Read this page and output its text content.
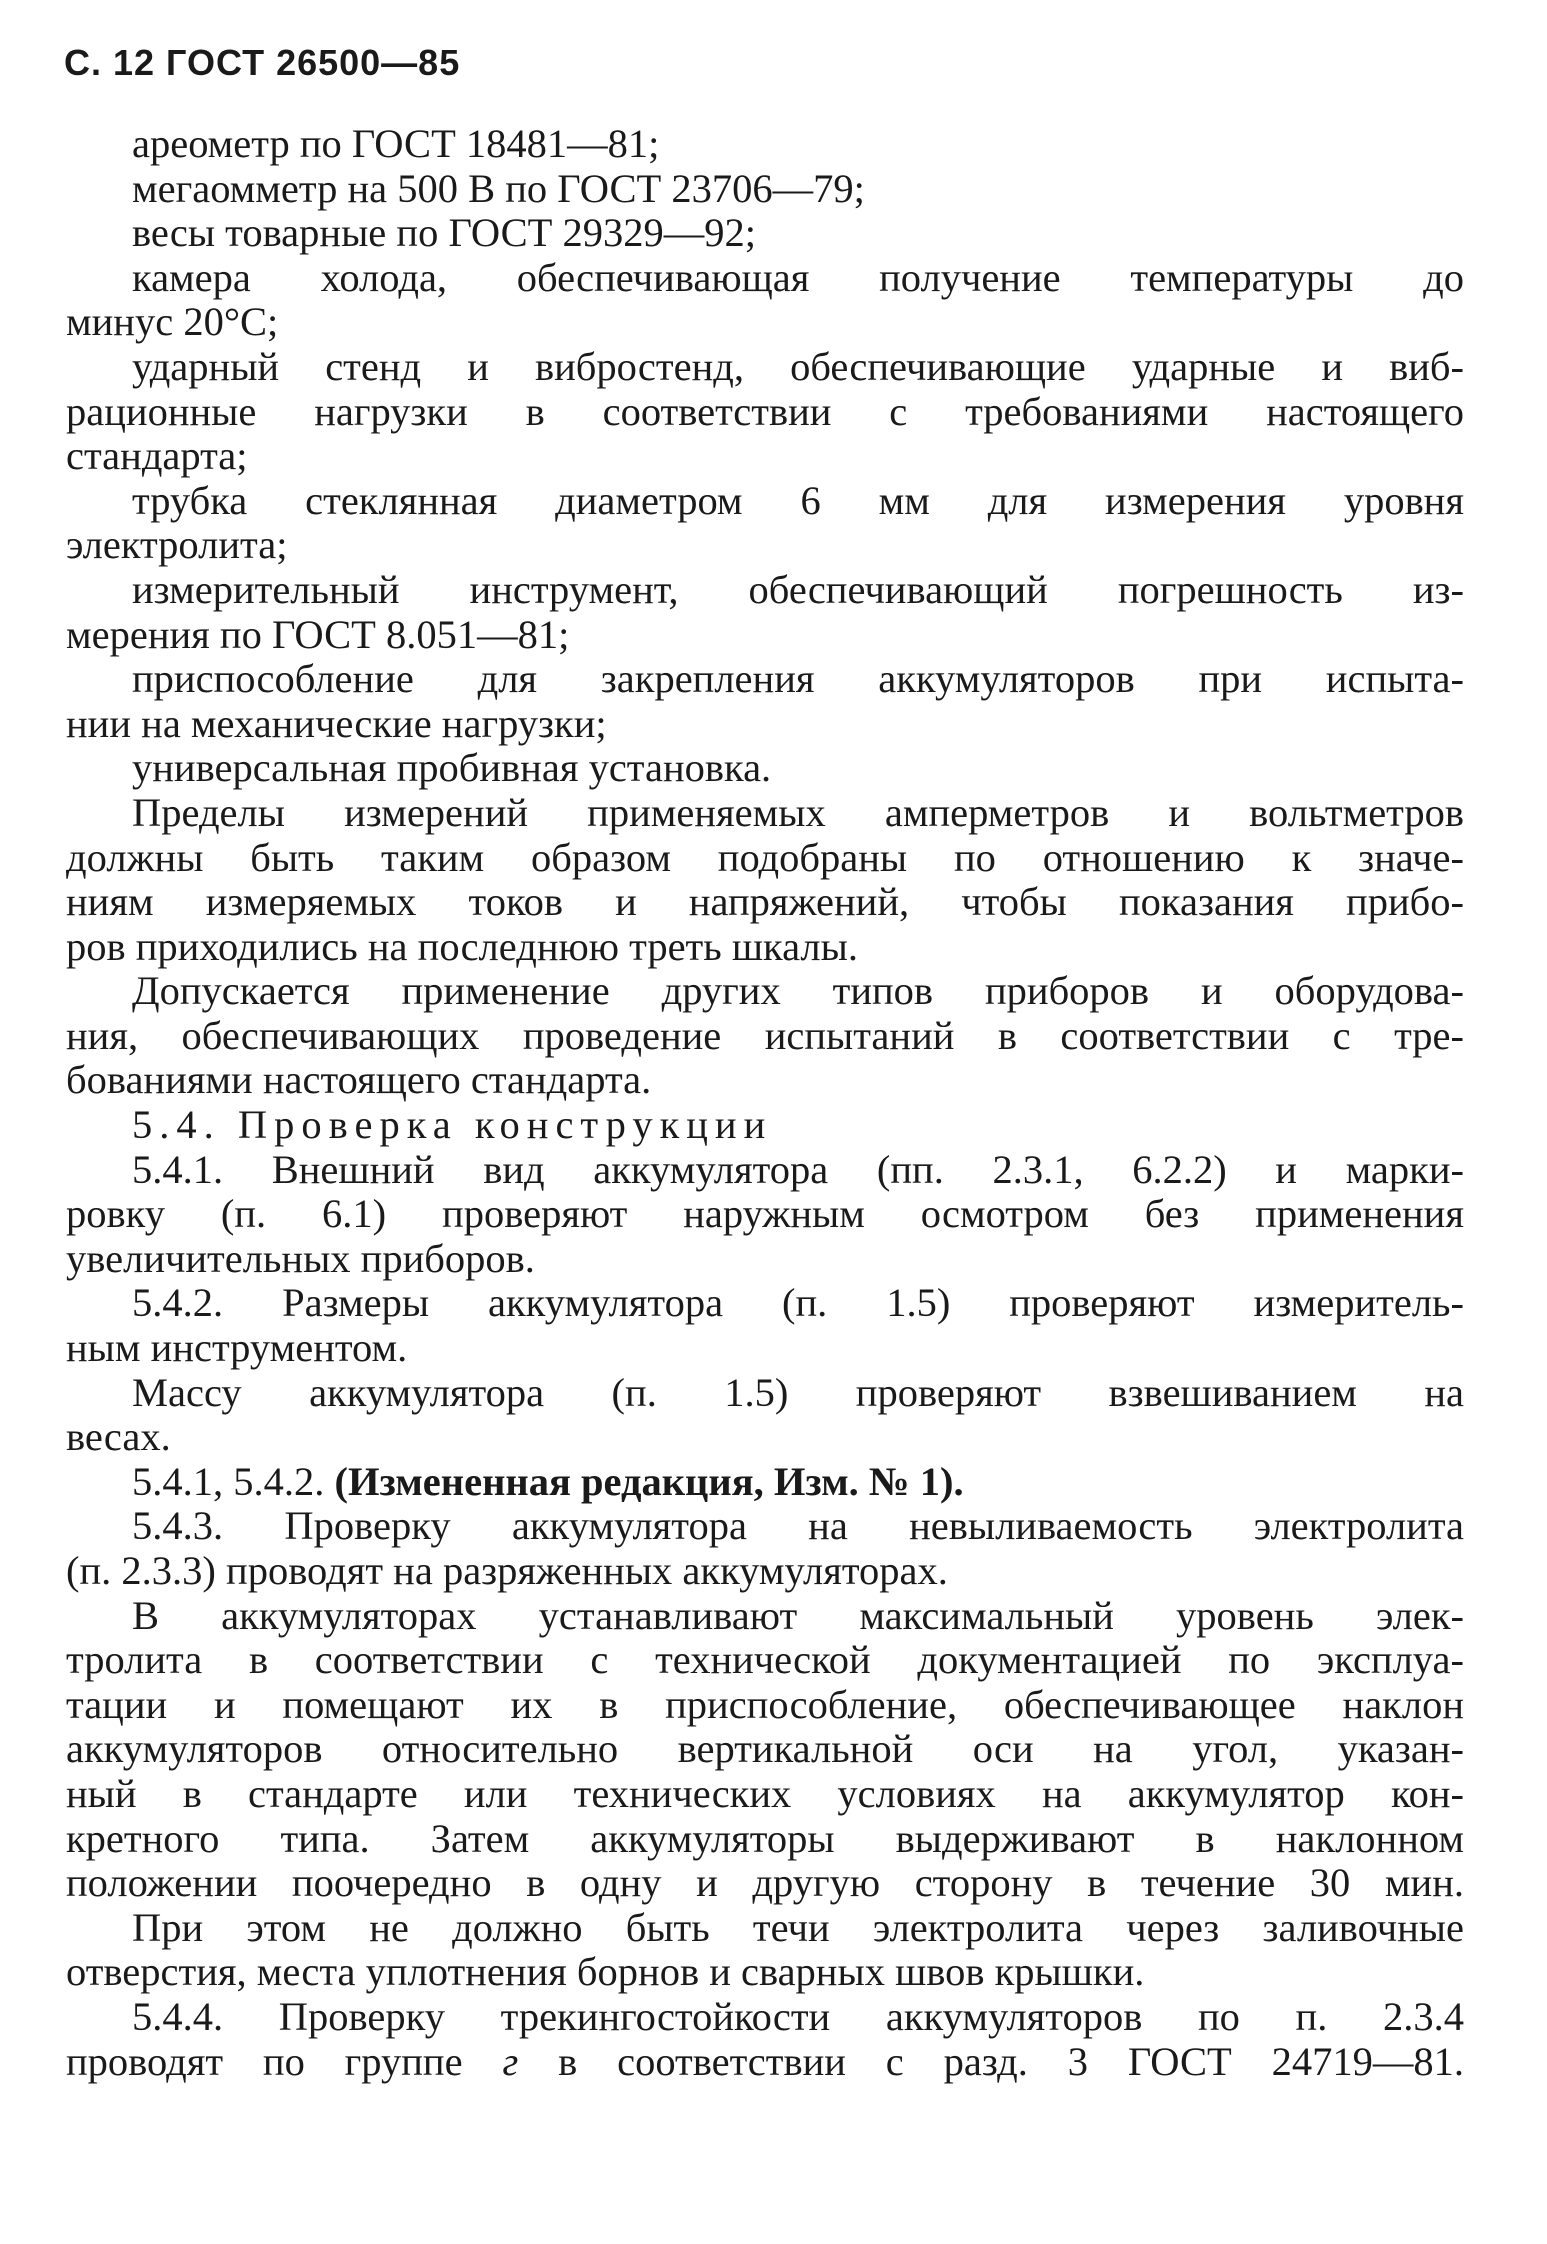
С. 12 ГОСТ 26500—85

ареометр по ГОСТ 18481—81;

мегаомметр на 500 В по ГОСТ 23706—79;

весы товарные по ГОСТ 29329—92;

камера холода, обеспечивающая получение температуры до

минус 20°С;

ударный стенд и вибростенд, обеспечивающие ударные и виб-

рационные нагрузки в соответствии с требованиями настоящего

стандарта;

трубка стеклянная диаметром 6 мм для измерения уровня

электролита;

измерительный инструмент, обеспечивающий погрешность из-

мерения по ГОСТ 8.051—81;

приспособление для закрепления аккумуляторов при испыта-

нии на механические нагрузки;

универсальная пробивная установка.

Пределы измерений применяемых амперметров и вольтметров

должны быть таким образом подобраны по отношению к значе-

ниям измеряемых токов и напряжений, чтобы показания прибо-

ров приходились на последнюю треть шкалы.

Допускается применение других типов приборов и оборудова-

ния, обеспечивающих проведение испытаний в соответствии с тре-

бованиями настоящего стандарта.

5.4. Проверка конструкции

5.4.1. Внешний вид аккумулятора (пп. 2.3.1, 6.2.2) и марки-

ровку (п. 6.1) проверяют наружным осмотром без применения

увеличительных приборов.

5.4.2. Размеры аккумулятора (п. 1.5) проверяют измеритель-

ным инструментом.

Массу аккумулятора (п. 1.5) проверяют взвешиванием на

весах.

5.4.1, 5.4.2. (Измененная редакция, Изм. № 1).

5.4.3. Проверку аккумулятора на невыливаемость электролита

(п. 2.3.3) проводят на разряженных аккумуляторах.

В аккумуляторах устанавливают максимальный уровень элек-

тролита в соответствии с технической документацией по эксплуа-

тации и помещают их в приспособление, обеспечивающее наклон

аккумуляторов относительно вертикальной оси на угол, указан-

ный в стандарте или технических условиях на аккумулятор кон-

кретного типа. Затем аккумуляторы выдерживают в наклонном

положении поочередно в одну и другую сторону в течение 30 мин.

При этом не должно быть течи электролита через заливочные

отверстия, места уплотнения борнов и сварных швов крышки.

5.4.4. Проверку трекингостойкости аккумуляторов по п. 2.3.4

проводят по группе г в соответствии с разд. 3 ГОСТ 24719—81.
